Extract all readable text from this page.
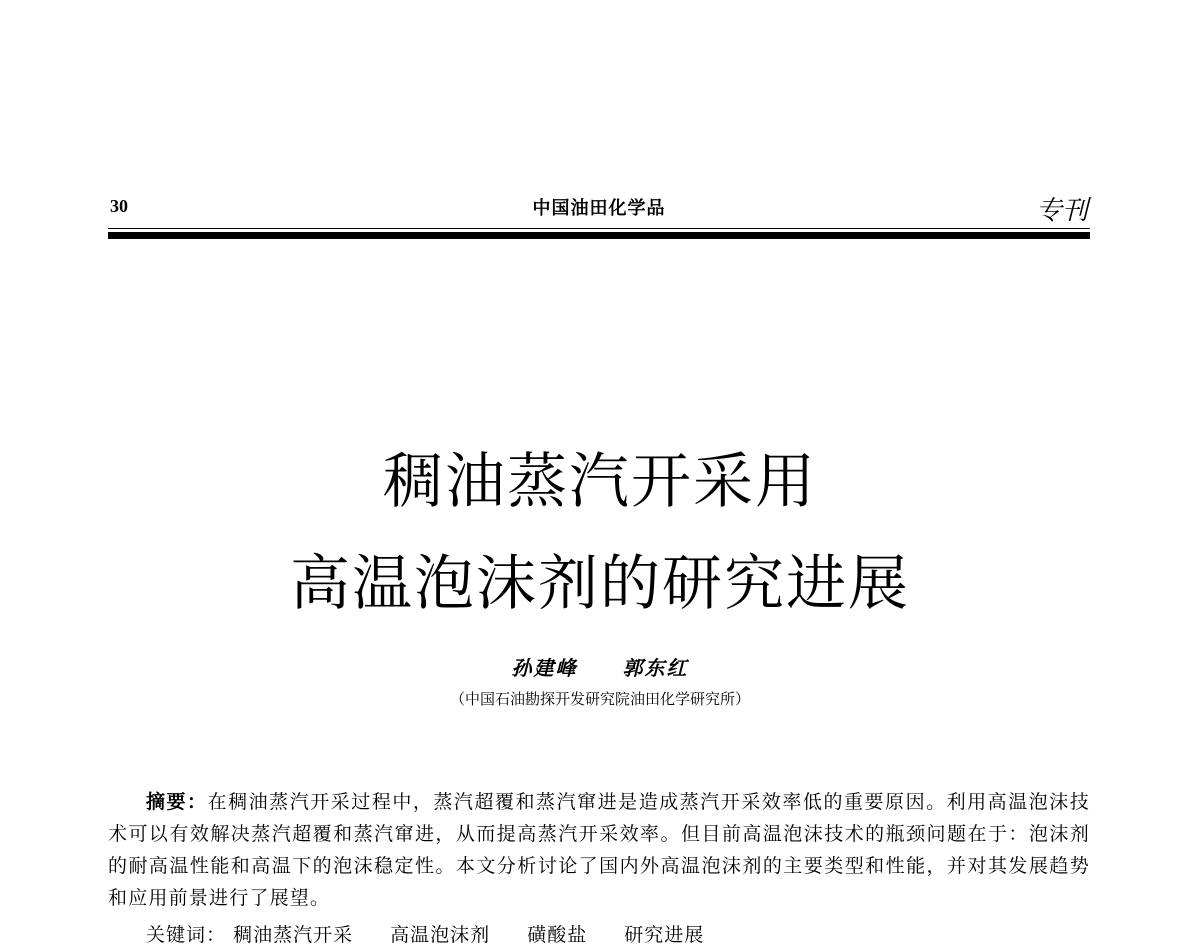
30	中国油田化学品	专刊
稠油蒸汽开采用
高温泡沫剂的研究进展
孙建峰 郭东红
（中国石油勘探开发研究院油田化学研究所）

摘要：在稠油蒸汽开采过程中，蒸汽超覆和蒸汽窜进是造成蒸汽开采效率低的重要原因。利用高温泡沫技术可以有效解决蒸汽超覆和蒸汽窜进，从而提高蒸汽开采效率。但目前高温泡沫技术的瓶颈问题在于：泡沫剂的耐高温性能和高温下的泡沫稳定性。本文分析讨论了国内外高温泡沫剂的主要类型和性能，并对其发展趋势和应用前景进行了展望。

关键词： 稠油蒸汽开采 高温泡沫剂 磺酸盐 研究进展
